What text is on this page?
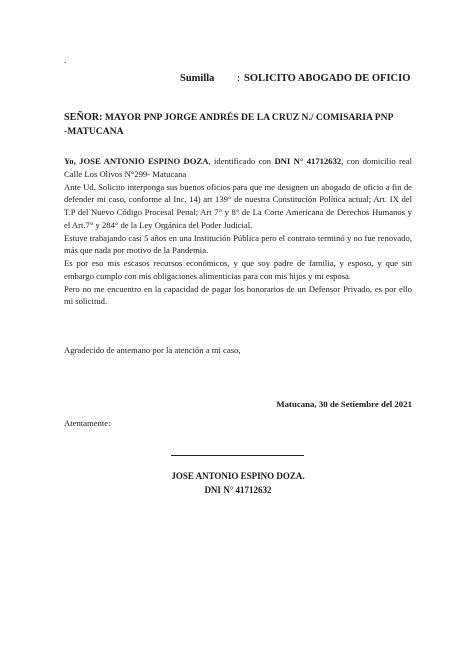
.
Sumilla : SOLICITO ABOGADO DE OFICIO
SEÑOR: MAYOR PNP JORGE ANDRÉS DE LA CRUZ N./ COMISARIA PNP
-MATUCANA

Yo, JOSE ANTONIO ESPINO DOZA, identificado con DNI N° 41712632, con domicilio real Calle Los Olivos N°299- Matucana

Ante Ud. Solicito interponga sus buenos oficios para que me designen un abogado de oficio a fin de defender mi caso, conforme al Inc. 14) art 139° de nuestra Constitución Política actual; Art. IX del T.P del Nuevo Código Procesal Penal; Art 7° y 8° de La Corte Americana de Derechos Humanos y el Art.7° y 284° de la Ley Orgánica del Poder Judicial.

Estuve trabajando casi 5 años en una Institución Pública pero el contrato terminó y no fue renovado, más que nada por motivo de la Pandemia.

Es por eso mis escasos recursos económicos, y que soy padre de familia, y esposo, y que sin embargo cumplo con mis obligaciones alimenticias para con mis hijos y mi esposa.

Pero no me encuentro en la capacidad de pagar los honorarios de un Defensor Privado, es por ello mi solicitud.

Agradecido de antemano por la atención a mi caso,
Matucana, 30 de Setiembre del 2021
Atentamente:
JOSE ANTONIO ESPINO DOZA.
DNI N° 41712632
